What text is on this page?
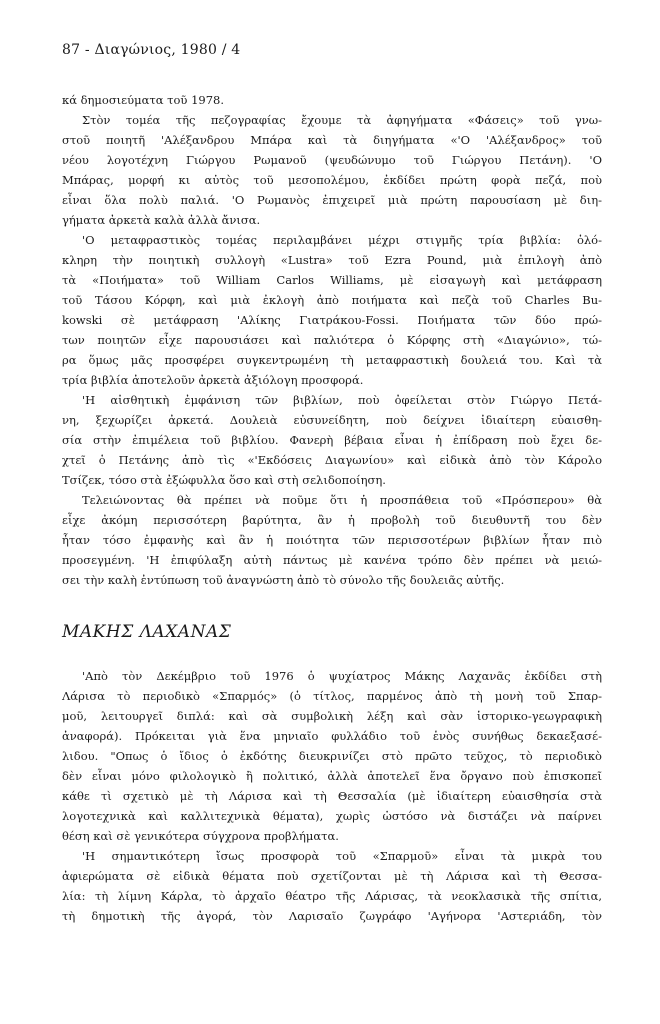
87 - Διαγώνιος, 1980 / 4
κά δημοσιεύματα τοῦ 1978.
Στὸν τομέα τῆς πεζογραφίας ἔχουμε τὰ ἀφηγήματα «Φάσεις» τοῦ γνω-
στοῦ ποιητῆ 'Αλέξανδρου Μπάρα καὶ τὰ διηγήματα «'Ο 'Αλέξανδρος» τοῦ
νέου λογοτέχνη Γιώργου Ρωμανοῦ (ψευδώνυμο τοῦ Γιώργου Πετάνη). 'Ο
Μπάρας, μορφή κι αὐτὸς τοῦ μεσοπολέμου, ἐκδίδει πρώτη φορὰ πεζά, ποὺ
εἶναι ὅλα πολὺ παλιά. 'Ο Ρωμανὸς ἐπιχειρεῖ μιὰ πρώτη παρουσίαση μὲ διη-
γήματα ἀρκετὰ καλὰ ἀλλὰ ἄνισα.
'Ο μεταφραστικὸς τομέας περιλαμβάνει μέχρι στιγμῆς τρία βιβλία: ὁλό-
κληρη τὴν ποιητικὴ συλλογὴ «Lustra» τοῦ Ezra Pound, μιὰ ἐπιλογὴ ἀπὸ
τὰ «Ποιήματα» τοῦ William Carlos Williams, μὲ εἰσαγωγὴ καὶ μετάφραση
τοῦ Τάσου Κόρφη, καὶ μιὰ ἐκλογὴ ἀπὸ ποιήματα καὶ πεζὰ τοῦ Charles Bu-
kowski σὲ μετάφραση 'Αλίκης Γιατράκου-Fossi. Ποιήματα τῶν δύο πρώ-
των ποιητῶν εἶχε παρουσιάσει καὶ παλιότερα ὁ Κόρφης στὴ «Διαγώνιο», τώ-
ρα ὅμως μᾶς προσφέρει συγκεντρωμένη τὴ μεταφραστικὴ δουλειά του. Καὶ τὰ
τρία βιβλία ἀποτελοῦν ἀρκετὰ ἀξιόλογη προσφορά.
'Η αἰσθητικὴ ἐμφάνιση τῶν βιβλίων, ποὺ ὀφείλεται στὸν Γιώργο Πετά-
νη, ξεχωρίζει ἀρκετά. Δουλειὰ εὐσυνείδητη, ποὺ δείχνει ἰδιαίτερη εὐαισθη-
σία στὴν ἐπιμέλεια τοῦ βιβλίου. Φανερὴ βέβαια εἶναι ἡ ἐπίδραση ποὺ ἔχει δε-
χτεῖ ὁ Πετάνης ἀπὸ τὶς «'Εκδόσεις Διαγωνίου» καὶ εἰδικὰ ἀπὸ τὸν Κάρολο
Τσίζεκ, τόσο στὰ ἐξώφυλλα ὅσο καὶ στὴ σελιδοποίηση.
Τελειώνοντας θὰ πρέπει νὰ ποῦμε ὅτι ἡ προσπάθεια τοῦ «Πρόσπερου» θὰ
εἶχε ἀκόμη περισσότερη βαρύτητα, ἂν ἡ προβολὴ τοῦ διευθυντῆ του δὲν
ἦταν τόσο ἐμφανὴς καὶ ἂν ἡ ποιότητα τῶν περισσοτέρων βιβλίων ἦταν πιὸ
προσεγμένη. 'Η ἐπιφύλαξη αὐτὴ πάντως μὲ κανένα τρόπο δὲν πρέπει νὰ μειώ-
σει τὴν καλὴ ἐντύπωση τοῦ ἀναγνώστη ἀπὸ τὸ σύνολο τῆς δουλειᾶς αὐτῆς.
ΜΑΚΗΣ ΛΑΧΑΝΑΣ
'Απὸ τὸν Δεκέμβριο τοῦ 1976 ὁ ψυχίατρος Μάκης Λαχανᾶς ἐκδίδει στὴ
Λάρισα τὸ περιοδικὸ «Σπαρμός» (ὁ τίτλος, παρμένος ἀπὸ τὴ μονὴ τοῦ Σπαρ-
μοῦ, λειτουργεῖ διπλά: καὶ σὰ συμβολικὴ λέξη καὶ σὰν ἱστορικο-γεωγραφικὴ
ἀναφορά). Πρόκειται γιὰ ἕνα μηνιαῖο φυλλάδιο τοῦ ἑνὸς συνήθως δεκαεξασέ-
λιδου. "Οπως ὁ ἴδιος ὁ ἐκδότης διευκρινίζει στὸ πρῶτο τεῦχος, τὸ περιοδικὸ
δὲν εἶναι μόνο φιλολογικὸ ἢ πολιτικό, ἀλλὰ ἀποτελεῖ ἕνα ὄργανο ποὺ ἐπισκοπεῖ
κάθε τὶ σχετικὸ μὲ τὴ Λάρισα καὶ τὴ Θεσσαλία (μὲ ἰδιαίτερη εὐαισθησία στὰ
λογοτεχνικὰ καὶ καλλιτεχνικὰ θέματα), χωρὶς ὡστόσο νὰ διστάζει νὰ παίρνει
θέση καὶ σὲ γενικότερα σύγχρονα προβλήματα.
'Η σημαντικότερη ἴσως προσφορὰ τοῦ «Σπαρμοῦ» εἶναι τὰ μικρὰ του
ἀφιερώματα σὲ εἰδικὰ θέματα ποὺ σχετίζονται μὲ τὴ Λάρισα καὶ τὴ Θεσσα-
λία: τὴ λίμνη Κάρλα, τὸ ἀρχαῖο θέατρο τῆς Λάρισας, τὰ νεοκλασικὰ τῆς σπίτια,
τὴ δημοτικὴ τῆς ἀγορά, τὸν Λαρισαῖο ζωγράφο 'Αγήνορα 'Αστεριάδη, τὸν
